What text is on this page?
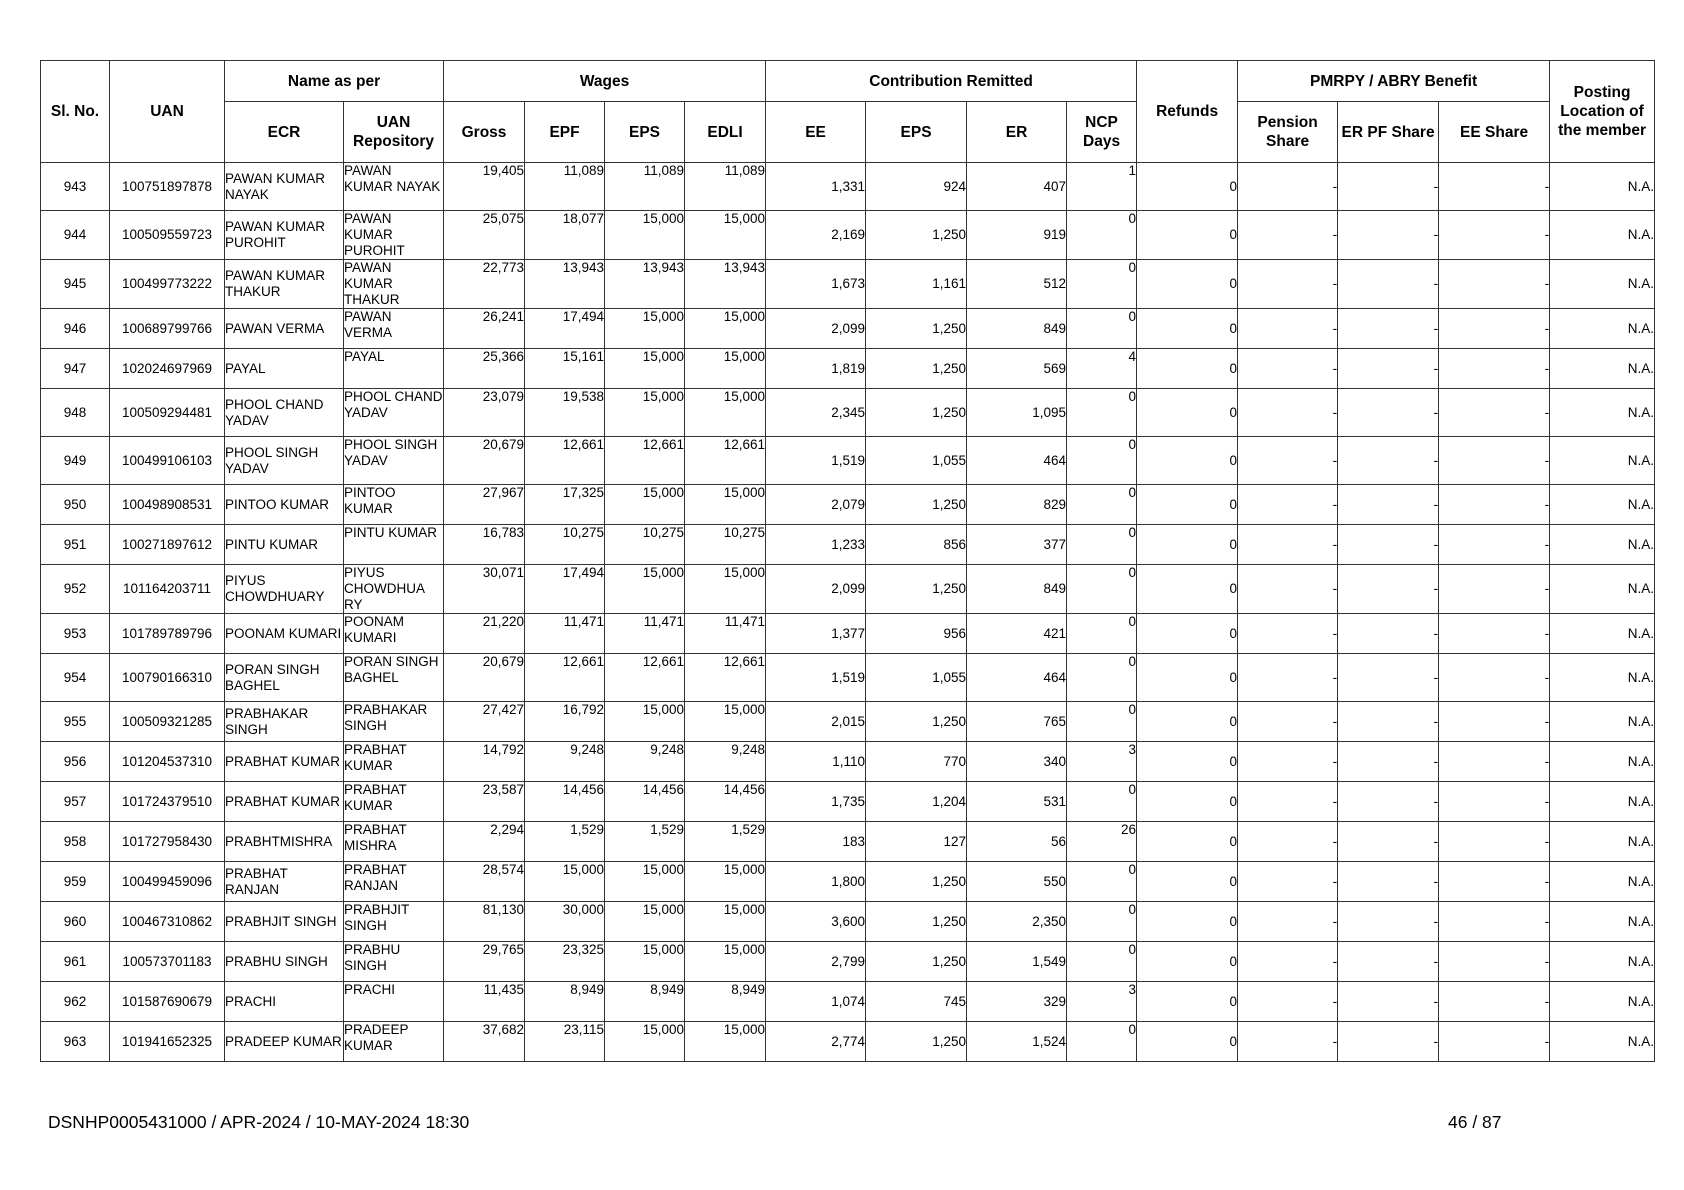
Sl. No.	UAN	Name as per		Wages				Contribution Remitted				Refunds	PMRPY / ABRY Benefit			Posting Location of the member
		ECR	UAN Repository	Gross	EPF	EPS	EDLI	EE	EPS	ER	NCP Days		Pension Share	ER PF Share	EE Share	
943	100751897878	PAWAN KUMAR NAYAK	PAWAN KUMAR NAYAK	19,405	11,089	11,089	11,089	1,331	924	407	1	0	-	-	-	N.A.
944	100509559723	PAWAN KUMAR PUROHIT	PAWAN KUMAR PUROHIT	25,075	18,077	15,000	15,000	2,169	1,250	919	0	0	-	-	-	N.A.
945	100499773222	PAWAN KUMAR THAKUR	PAWAN KUMAR THAKUR	22,773	13,943	13,943	13,943	1,673	1,161	512	0	0	-	-	-	N.A.
946	100689799766	PAWAN VERMA	PAWAN VERMA	26,241	17,494	15,000	15,000	2,099	1,250	849	0	0	-	-	-	N.A.
947	102024697969	PAYAL	PAYAL	25,366	15,161	15,000	15,000	1,819	1,250	569	4	0	-	-	-	N.A.
948	100509294481	PHOOL CHAND YADAV	PHOOL CHAND YADAV	23,079	19,538	15,000	15,000	2,345	1,250	1,095	0	0	-	-	-	N.A.
949	100499106103	PHOOL SINGH YADAV	PHOOL SINGH YADAV	20,679	12,661	12,661	12,661	1,519	1,055	464	0	0	-	-	-	N.A.
950	100498908531	PINTOO KUMAR	PINTOO KUMAR	27,967	17,325	15,000	15,000	2,079	1,250	829	0	0	-	-	-	N.A.
951	100271897612	PINTU KUMAR	PINTU KUMAR	16,783	10,275	10,275	10,275	1,233	856	377	0	0	-	-	-	N.A.
952	101164203711	PIYUS CHOWDHUARY	PIYUS CHOWDHUA RY	30,071	17,494	15,000	15,000	2,099	1,250	849	0	0	-	-	-	N.A.
953	101789789796	POONAM KUMARI	POONAM KUMARI	21,220	11,471	11,471	11,471	1,377	956	421	0	0	-	-	-	N.A.
954	100790166310	PORAN SINGH BAGHEL	PORAN SINGH BAGHEL	20,679	12,661	12,661	12,661	1,519	1,055	464	0	0	-	-	-	N.A.
955	100509321285	PRABHAKAR SINGH	PRABHAKAR SINGH	27,427	16,792	15,000	15,000	2,015	1,250	765	0	0	-	-	-	N.A.
956	101204537310	PRABHAT KUMAR	PRABHAT KUMAR	14,792	9,248	9,248	9,248	1,110	770	340	3	0	-	-	-	N.A.
957	101724379510	PRABHAT KUMAR	PRABHAT KUMAR	23,587	14,456	14,456	14,456	1,735	1,204	531	0	0	-	-	-	N.A.
958	101727958430	PRABHTMISHRA	PRABHAT MISHRA	2,294	1,529	1,529	1,529	183	127	56	26	0	-	-	-	N.A.
959	100499459096	PRABHAT RANJAN	PRABHAT RANJAN	28,574	15,000	15,000	15,000	1,800	1,250	550	0	0	-	-	-	N.A.
960	100467310862	PRABHJIT SINGH	PRABHJIT SINGH	81,130	30,000	15,000	15,000	3,600	1,250	2,350	0	0	-	-	-	N.A.
961	100573701183	PRABHU SINGH	PRABHU SINGH	29,765	23,325	15,000	15,000	2,799	1,250	1,549	0	0	-	-	-	N.A.
962	101587690679	PRACHI	PRACHI	11,435	8,949	8,949	8,949	1,074	745	329	3	0	-	-	-	N.A.
963	101941652325	PRADEEP KUMAR	PRADEEP KUMAR	37,682	23,115	15,000	15,000	2,774	1,250	1,524	0	0	-	-	-	N.A.
DSNHP0005431000 / APR-2024 / 10-MAY-2024 18:30	46 / 87
